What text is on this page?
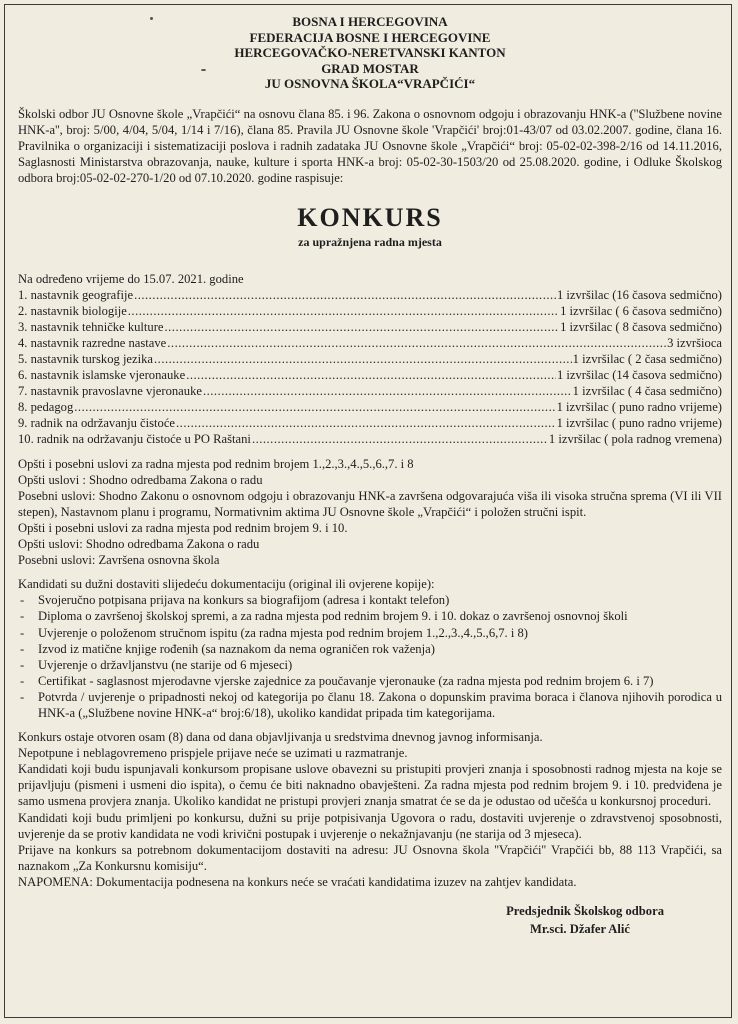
BOSNA I HERCEGOVINA
FEDERACIJA BOSNE I HERCEGOVINE
HERCEGOVAČKO-NERETVANSKI KANTON
GRAD MOSTAR
JU OSNOVNA ŠKOLA“VRAPČIĆI“
Školski odbor JU Osnovne škole „Vrapčići“ na osnovu člana 85. i 96. Zakona o osnovnom odgoju i obrazovanju HNK-a (''Službene novine HNK-a'', broj: 5/00, 4/04, 5/04, 1/14 i 7/16), člana 85. Pravila JU Osnovne škole 'Vrapčići' broj:01-43/07 od 03.02.2007. godine, člana 16. Pravilnika o organizaciji i sistematizaciji poslova i radnih zadataka JU Osnovne škole „Vrapčići“ broj: 05-02-02-398-2/16 od 14.11.2016, Saglasnosti Ministarstva obrazovanja, nauke, kulture i sporta HNK-a broj: 05-02-30-1503/20 od 25.08.2020. godine, i Odluke Školskog odbora broj:05-02-02-270-1/20 od 07.10.2020. godine raspisuje:
KONKURS
za upražnjena radna mjesta
Na određeno vrijeme do 15.07. 2021. godine
1. nastavnik geografije .....	1 izvršilac (16 časova sedmično)
2. nastavnik biologije .....	1 izvršilac ( 6 časova sedmično)
3. nastavnik tehničke kulture .....	1 izvršilac ( 8 časova sedmično)
4. nastavnik razredne nastave .....	3 izvršioca
5. nastavnik turskog jezika .....	1 izvršilac ( 2 časa sedmično)
6. nastavnik islamske vjeronauke .....	1 izvršilac (14 časova sedmično)
7. nastavnik pravoslavne vjeronauke .....	1 izvršilac ( 4 časa sedmično)
8. pedagog .....	1 izvršilac ( puno radno vrijeme)
9. radnik na održavanju čistoće .....	1 izvršilac ( puno radno vrijeme)
10. radnik na održavanju čistoće u PO Raštani .....	1 izvršilac ( pola radnog vremena)
Opšti i posebni uslovi za radna mjesta pod rednim brojem 1.,2.,3.,4.,5.,6.,7. i 8
Opšti uslovi : Shodno odredbama Zakona o radu
Posebni uslovi: Shodno Zakonu o osnovnom odgoju i obrazovanju HNK-a završena odgovarajuća viša ili visoka stručna sprema (VI ili VII stepen), Nastavnom planu i programu, Normativnim aktima JU Osnovne škole „Vrapčići“ i položen stručni ispit.
Opšti i posebni uslovi za radna mjesta pod rednim brojem 9. i 10.
Opšti uslovi: Shodno odredbama Zakona o radu
Posebni uslovi: Završena osnovna škola
Kandidati su dužni dostaviti slijedeću dokumentaciju (original ili ovjerene kopije):
- Svojeručno potpisana prijava na konkurs sa biografijom (adresa i kontakt telefon)
- Diploma o završenoj školskoj spremi, a za radna mjesta pod rednim brojem 9. i 10. dokaz o završenoj osnovnoj školi
- Uvjerenje o položenom stručnom ispitu (za radna mjesta pod rednim brojem 1.,2.,3.,4.,5.,6,7. i 8)
- Izvod iz matične knjige rođenih (sa naznakom da nema ograničen rok važenja)
- Uvjerenje o državljanstvu (ne starije od 6 mjeseci)
- Certifikat - saglasnost mjerodavne vjerske zajednice za poučavanje vjeronauke (za radna mjesta pod rednim brojem 6. i 7)
- Potvrda / uvjerenje o pripadnosti nekoj od kategorija po članu 18. Zakona o dopunskim pravima boraca i članova njihovih porodica u HNK-a („Službene novine HNK-a“ broj:6/18), ukoliko kandidat pripada tim kategorijama.
Konkurs ostaje otvoren osam (8) dana od dana objavljivanja u sredstvima dnevnog javnog informisanja.
Nepotpune i neblagovremeno prispjele prijave neće se uzimati u razmatranje.
Kandidati koji budu ispunjavali konkursom propisane uslove obavezni su pristupiti provjeri znanja i sposobnosti radnog mjesta na koje se prijavljuju (pismeni i usmeni dio ispita), o čemu će biti naknadno obavješteni. Za radna mjesta pod rednim brojem 9. i 10. predviđena je samo usmena provjera znanja. Ukoliko kandidat ne pristupi provjeri znanja smatrat će se da je odustao od učešća u konkursnoj proceduri.
Kandidati koji budu primljeni po konkursu, dužni su prije potpisivanja Ugovora o radu, dostaviti uvjerenje o zdravstvenoj sposobnosti, uvjerenje da se protiv kandidata ne vodi krivični postupak i uvjerenje o nekažnjavanju (ne starija od 3 mjeseca).
Prijave na konkurs sa potrebnom dokumentacijom dostaviti na adresu: JU Osnovna škola ''Vrapčići'' Vrapčići bb, 88 113 Vrapčići, sa naznakom „Za Konkursnu komisiju“.
NAPOMENA: Dokumentacija podnesena na konkurs neće se vraćati kandidatima izuzev na zahtjev kandidata.
Predsjednik Školskog odbora
Mr.sci. Džafer Alić
